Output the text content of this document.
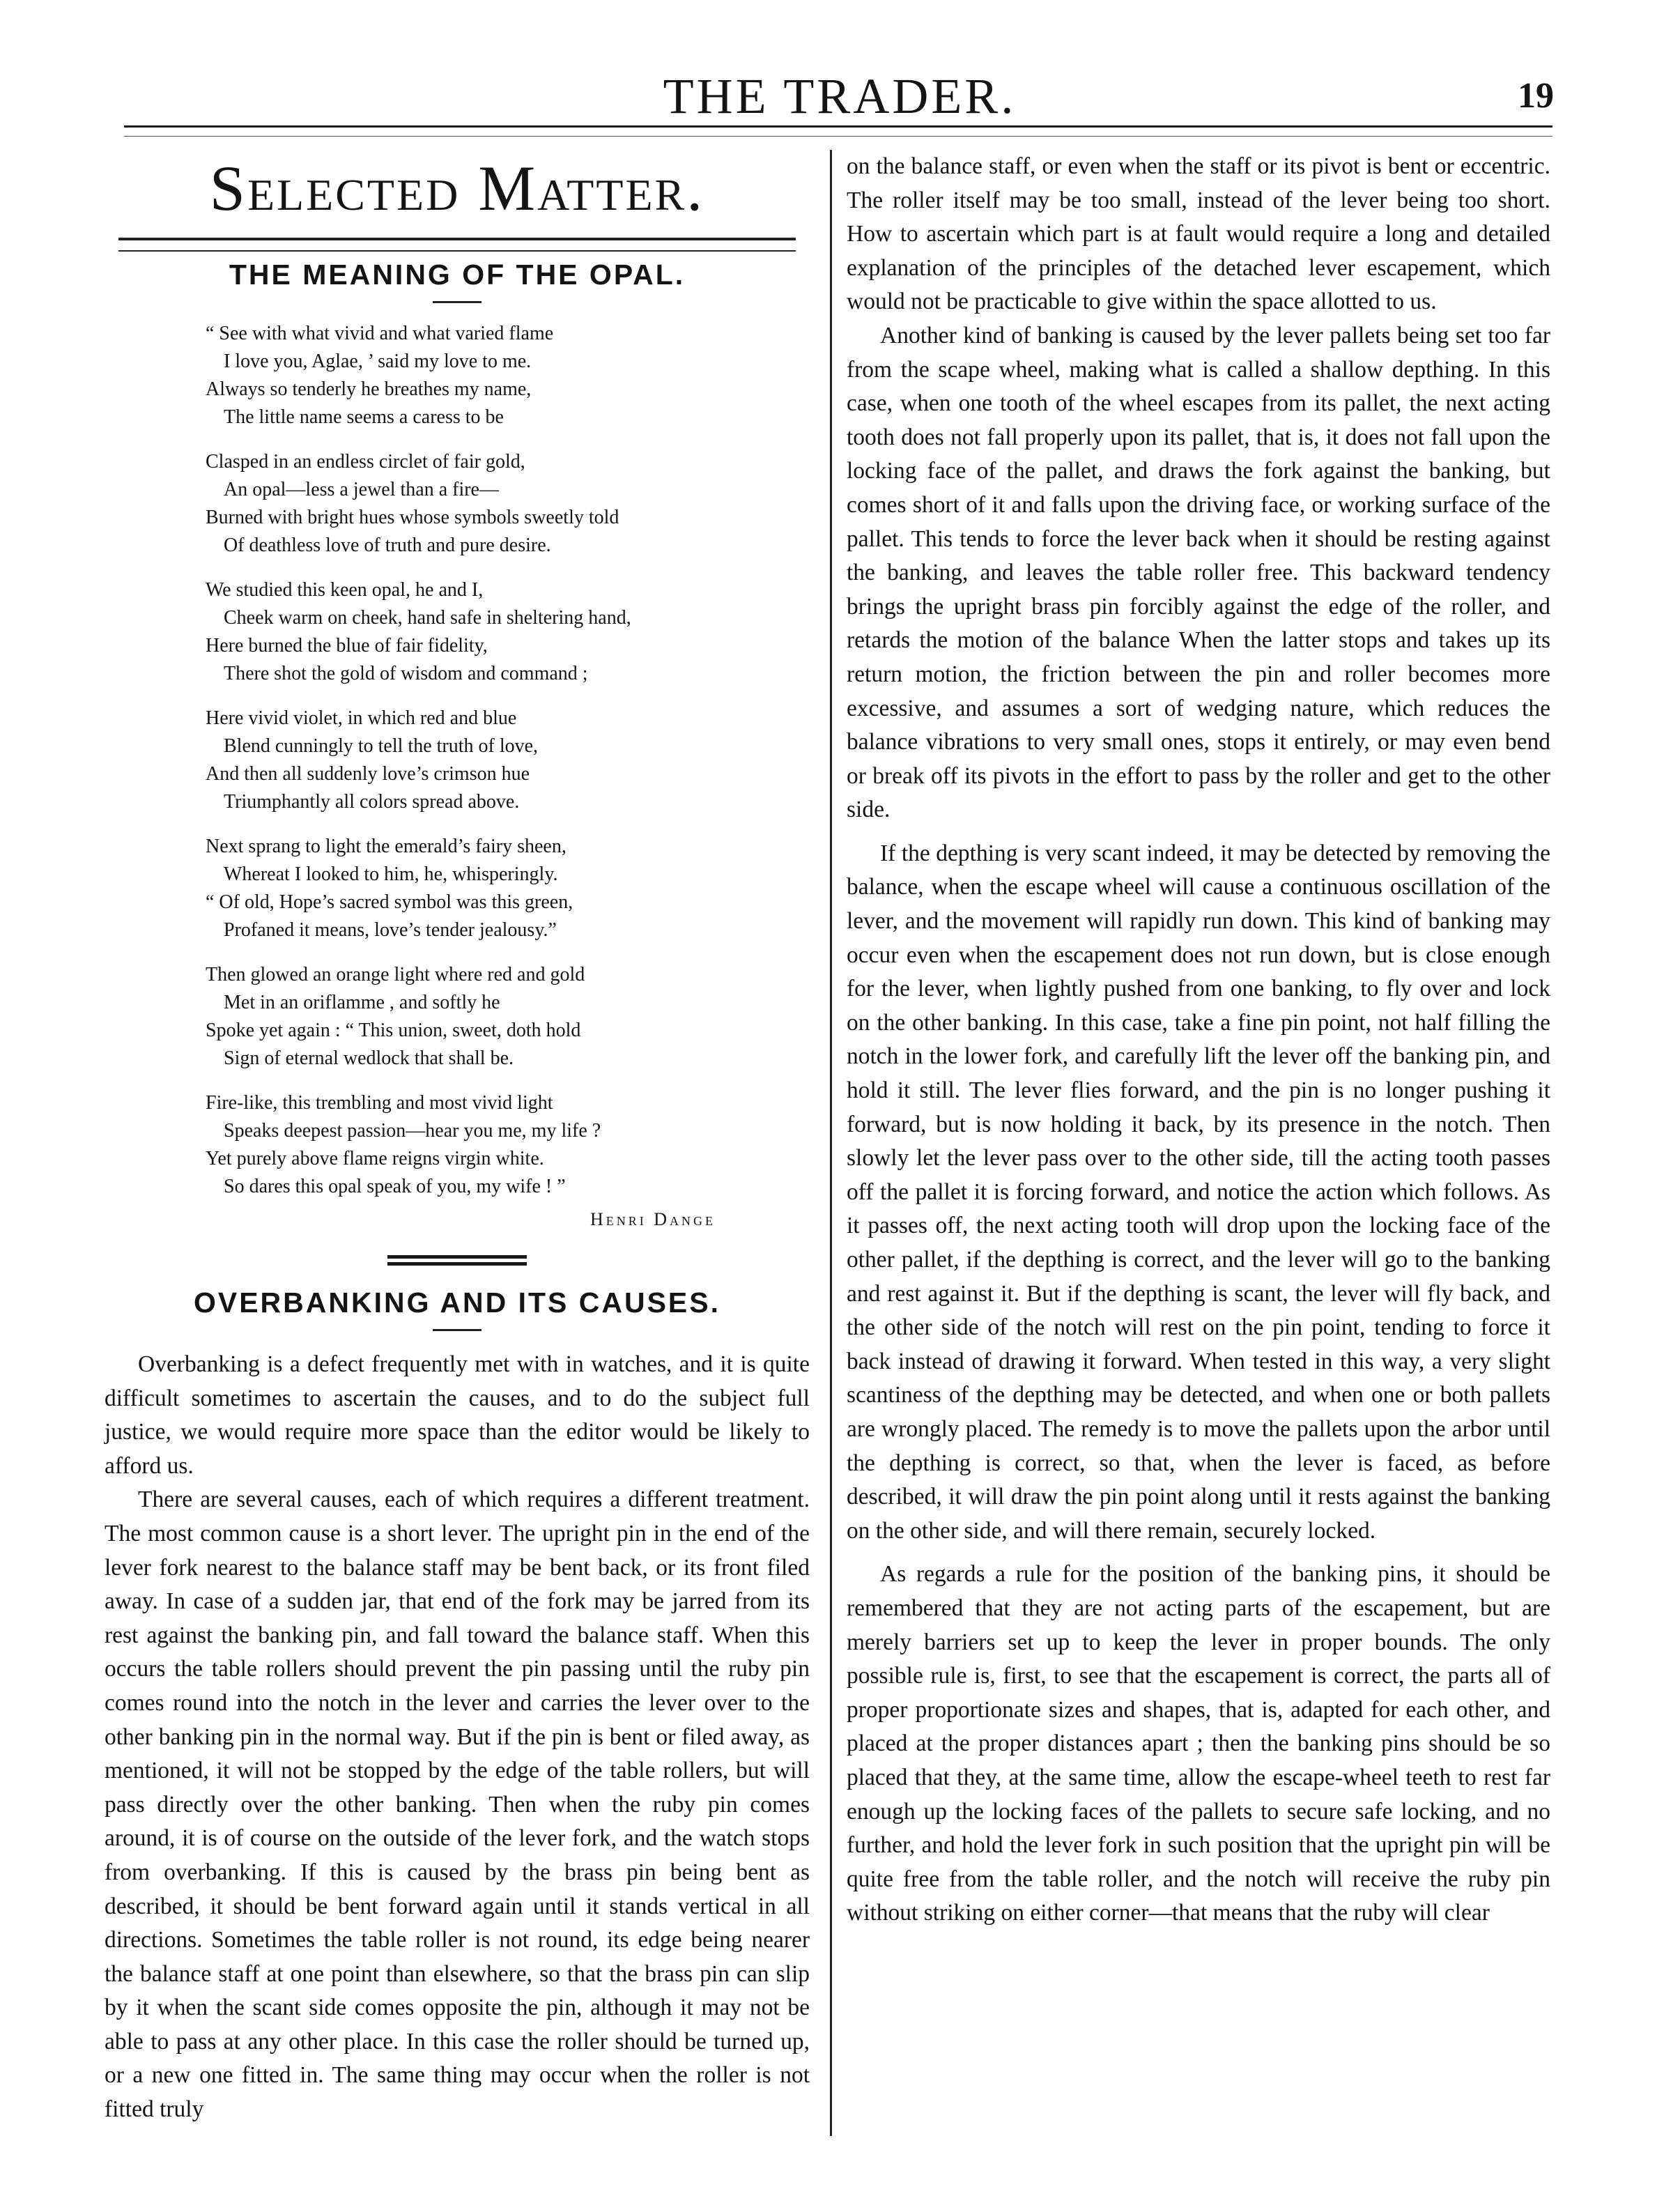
THE TRADER.	19
Selected Matter.
THE MEANING OF THE OPAL.

“ See with what vivid and what varied flame

I love you, Aglae, ’ said my love to me.

Always so tenderly he breathes my name,

The little name seems a caress to be

Clasped in an endless circlet of fair gold,

An opal—less a jewel than a fire—

Burned with bright hues whose symbols sweetly told

Of deathless love of truth and pure desire.

We studied this keen opal, he and I,

Cheek warm on cheek, hand safe in sheltering hand,

Here burned the blue of fair fidelity,

There shot the gold of wisdom and command ;

Here vivid violet, in which red and blue

Blend cunningly to tell the truth of love,

And then all suddenly love’s crimson hue

Triumphantly all colors spread above.

Next sprang to light the emerald’s fairy sheen,

Whereat I looked to him, he, whisperingly.

“ Of old, Hope’s sacred symbol was this green,

Profaned it means, love’s tender jealousy.”

Then glowed an orange light where red and gold

Met in an oriflamme , and softly he

Spoke yet again : “ This union, sweet, doth hold

Sign of eternal wedlock that shall be.

Fire-like, this trembling and most vivid light

Speaks deepest passion—hear you me, my life ?

Yet purely above flame reigns virgin white.

So dares this opal speak of you, my wife ! ”

Henri Dange
OVERBANKING AND ITS CAUSES.

Overbanking is a defect frequently met with in watches, and it is quite difficult sometimes to ascertain the causes, and to do the subject full justice, we would require more space than the editor would be likely to afford us.

There are several causes, each of which requires a different treatment. The most common cause is a short lever. The upright pin in the end of the lever fork nearest to the balance staff may be bent back, or its front filed away. In case of a sudden jar, that end of the fork may be jarred from its rest against the banking pin, and fall toward the balance staff. When this occurs the table rollers should prevent the pin passing until the ruby pin comes round into the notch in the lever and carries the lever over to the other banking pin in the normal way. But if the pin is bent or filed away, as mentioned, it will not be stopped by the edge of the table rollers, but will pass directly over the other banking. Then when the ruby pin comes around, it is of course on the outside of the lever fork, and the watch stops from overbanking. If this is caused by the brass pin being bent as described, it should be bent forward again until it stands vertical in all directions. Sometimes the table roller is not round, its edge being nearer the balance staff at one point than elsewhere, so that the brass pin can slip by it when the scant side comes opposite the pin, although it may not be able to pass at any other place. In this case the roller should be turned up, or a new one fitted in. The same thing may occur when the roller is not fitted truly

on the balance staff, or even when the staff or its pivot is bent or eccentric. The roller itself may be too small, instead of the lever being too short. How to ascertain which part is at fault would require a long and detailed explanation of the principles of the detached lever escapement, which would not be practicable to give within the space allotted to us.

Another kind of banking is caused by the lever pallets being set too far from the scape wheel, making what is called a shallow depthing. In this case, when one tooth of the wheel escapes from its pallet, the next acting tooth does not fall properly upon its pallet, that is, it does not fall upon the locking face of the pallet, and draws the fork against the banking, but comes short of it and falls upon the driving face, or working surface of the pallet. This tends to force the lever back when it should be resting against the banking, and leaves the table roller free. This backward tendency brings the upright brass pin forcibly against the edge of the roller, and retards the motion of the balance When the latter stops and takes up its return motion, the friction between the pin and roller becomes more excessive, and assumes a sort of wedging nature, which reduces the balance vibrations to very small ones, stops it entirely, or may even bend or break off its pivots in the effort to pass by the roller and get to the other side.

If the depthing is very scant indeed, it may be detected by removing the balance, when the escape wheel will cause a continuous oscillation of the lever, and the movement will rapidly run down. This kind of banking may occur even when the escapement does not run down, but is close enough for the lever, when lightly pushed from one banking, to fly over and lock on the other banking. In this case, take a fine pin point, not half filling the notch in the lower fork, and carefully lift the lever off the banking pin, and hold it still. The lever flies forward, and the pin is no longer pushing it forward, but is now holding it back, by its presence in the notch. Then slowly let the lever pass over to the other side, till the acting tooth passes off the pallet it is forcing forward, and notice the action which follows. As it passes off, the next acting tooth will drop upon the locking face of the other pallet, if the depthing is correct, and the lever will go to the banking and rest against it. But if the depthing is scant, the lever will fly back, and the other side of the notch will rest on the pin point, tending to force it back instead of drawing it forward. When tested in this way, a very slight scantiness of the depthing may be detected, and when one or both pallets are wrongly placed. The remedy is to move the pallets upon the arbor until the depthing is correct, so that, when the lever is faced, as before described, it will draw the pin point along until it rests against the banking on the other side, and will there remain, securely locked.

As regards a rule for the position of the banking pins, it should be remembered that they are not acting parts of the escapement, but are merely barriers set up to keep the lever in proper bounds. The only possible rule is, first, to see that the escapement is correct, the parts all of proper proportionate sizes and shapes, that is, adapted for each other, and placed at the proper distances apart ; then the banking pins should be so placed that they, at the same time, allow the escape-wheel teeth to rest far enough up the locking faces of the pallets to secure safe locking, and no further, and hold the lever fork in such position that the upright pin will be quite free from the table roller, and the notch will receive the ruby pin without striking on either corner—that means that the ruby will clear
